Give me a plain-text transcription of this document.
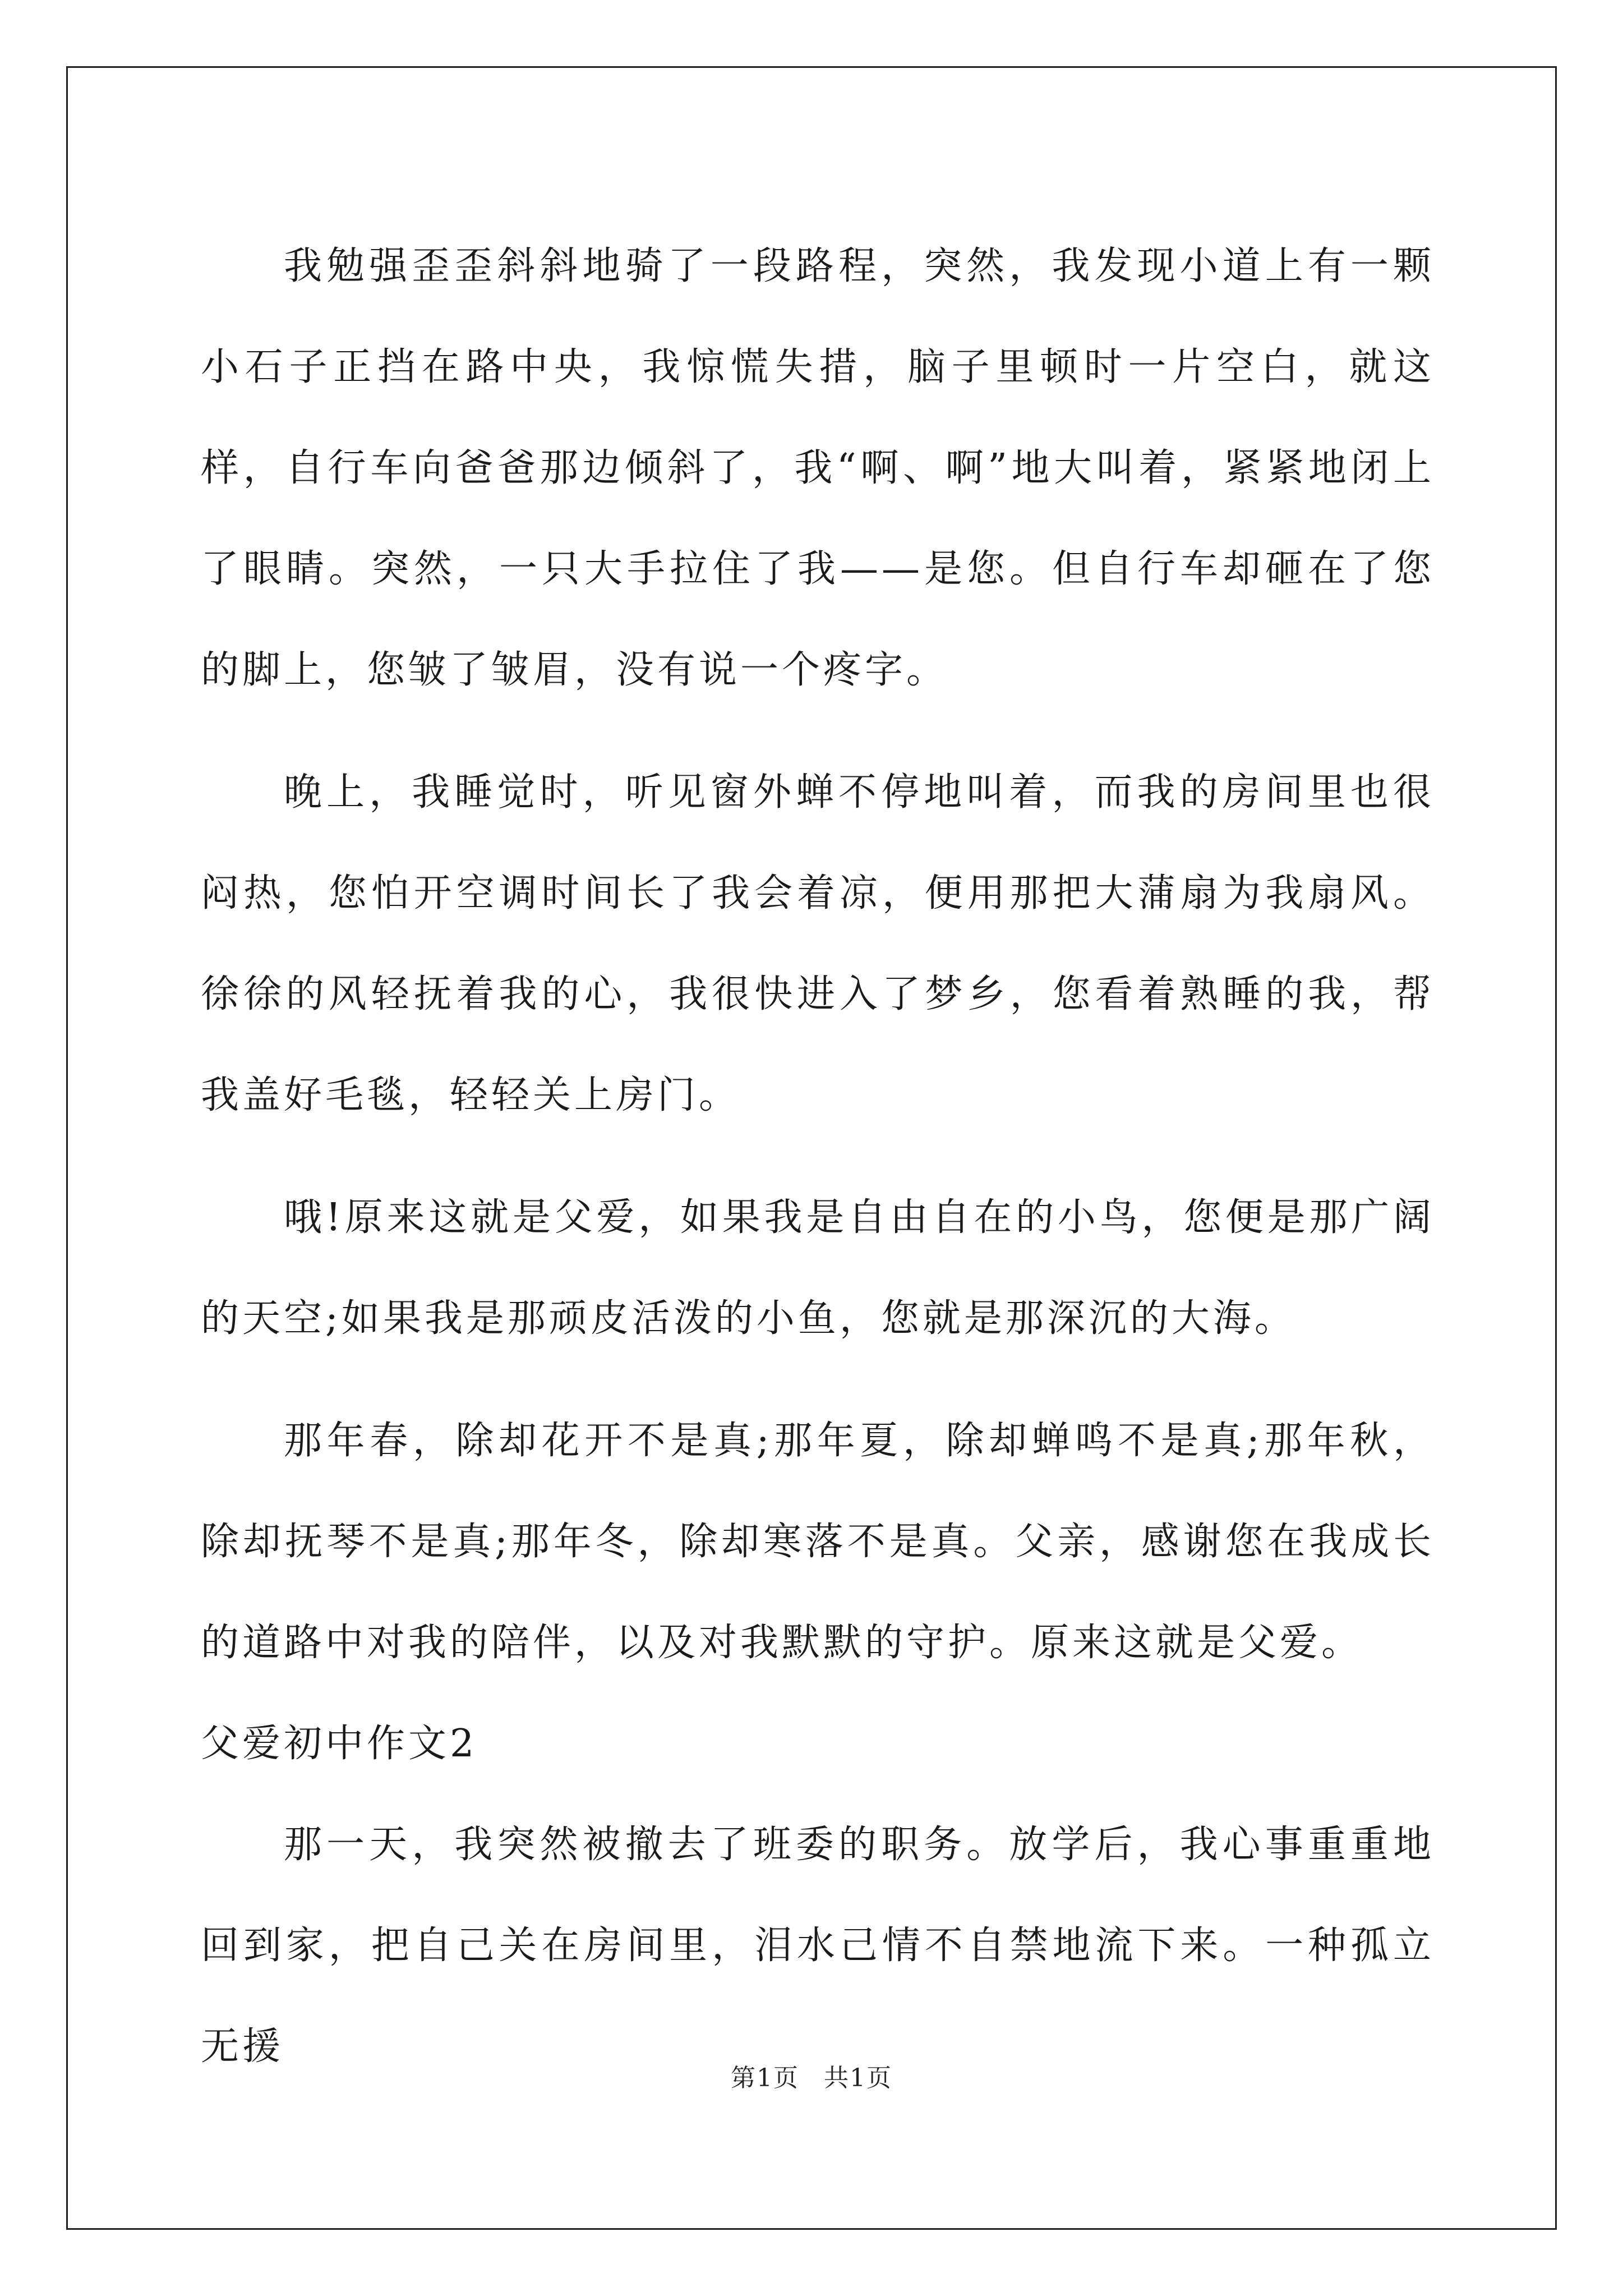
我勉强歪歪斜斜地骑了一段路程，突然，我发现小道上有一颗小石子正挡在路中央，我惊慌失措，脑子里顿时一片空白，就这样，自行车向爸爸那边倾斜了，我“啊、啊”地大叫着，紧紧地闭上了眼睛。突然，一只大手拉住了我——是您。但自行车却砸在了您的脚上，您皱了皱眉，没有说一个疼字。

晚上，我睡觉时，听见窗外蝉不停地叫着，而我的房间里也很闷热，您怕开空调时间长了我会着凉，便用那把大蒲扇为我扇风。徐徐的风轻抚着我的心，我很快进入了梦乡，您看着熟睡的我，帮我盖好毛毯，轻轻关上房门。

哦!原来这就是父爱，如果我是自由自在的小鸟，您便是那广阔的天空;如果我是那顽皮活泼的小鱼，您就是那深沉的大海。

那年春，除却花开不是真;那年夏，除却蝉鸣不是真;那年秋，除却抚琴不是真;那年冬，除却寒落不是真。父亲，感谢您在我成长的道路中对我的陪伴，以及对我默默的守护。原来这就是父爱。

父爱初中作文2

那一天，我突然被撤去了班委的职务。放学后，我心事重重地回到家，把自己关在房间里，泪水己情不自禁地流下来。一种孤立无援

第1页 共1页
